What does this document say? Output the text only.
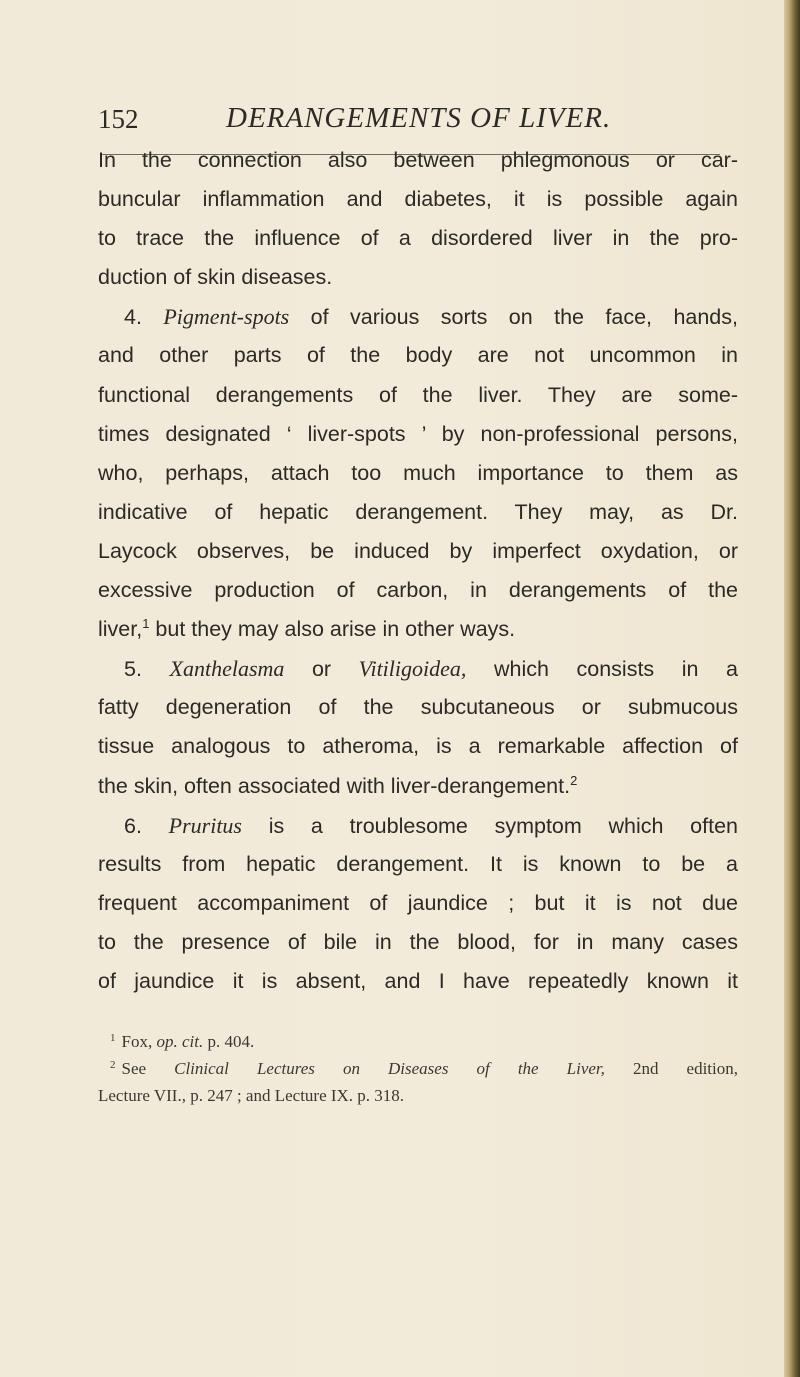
152	DERANGEMENTS OF LIVER.
In the connection also between phlegmonous or car-
buncular inflammation and diabetes, it is possible again
to trace the influence of a disordered liver in the pro-
duction of skin diseases.
4. Pigment-spots of various sorts on the face, hands,
and other parts of the body are not uncommon in
functional derangements of the liver. They are some-
times designated ‘ liver-spots ’ by non-professional persons,
who, perhaps, attach too much importance to them as
indicative of hepatic derangement. They may, as Dr.
Laycock observes, be induced by imperfect oxydation, or
excessive production of carbon, in derangements of the
liver,$^1$ but they may also arise in other ways.
5. Xanthelasma or Vitiligoidea, which consists in a
fatty degeneration of the subcutaneous or submucous
tissue analogous to atheroma, is a remarkable affection of
the skin, often associated with liver-derangement.$^2$
6. Pruritus is a troublesome symptom which often
results from hepatic derangement. It is known to be a
frequent accompaniment of jaundice ; but it is not due
to the presence of bile in the blood, for in many cases
of jaundice it is absent, and I have repeatedly known it
$^1$ Fox, op. cit. p. 404.
$^2$ See Clinical Lectures on Diseases of the Liver, 2nd edition,
Lecture VII., p. 247 ; and Lecture IX. p. 318.
